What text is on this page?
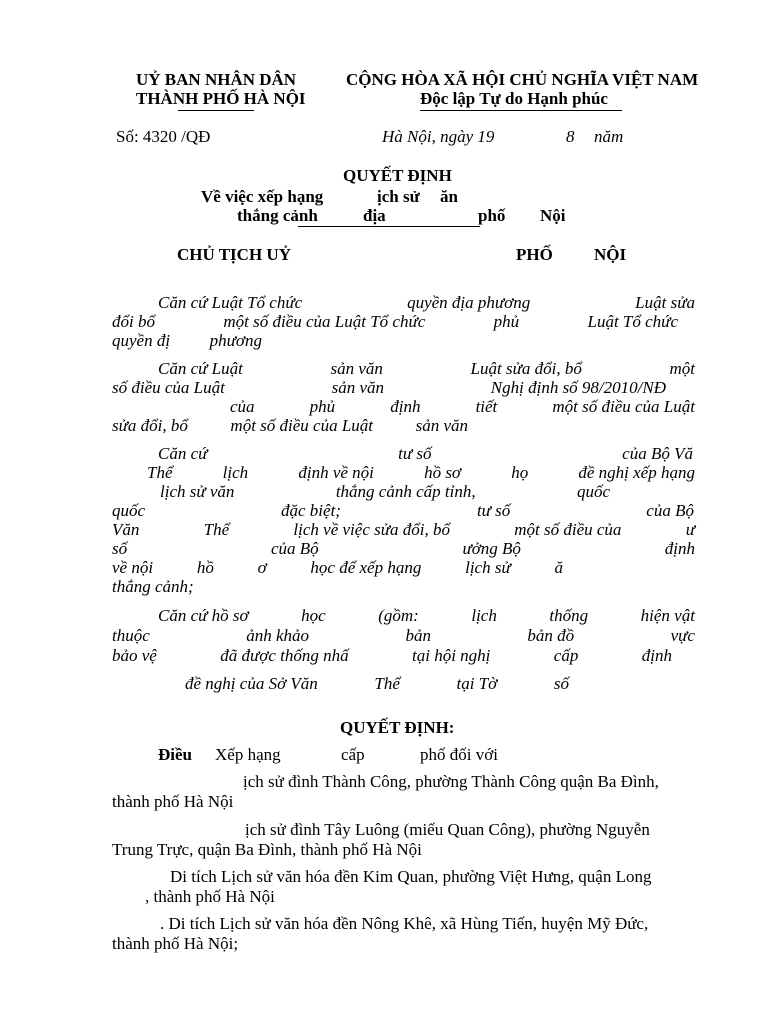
UỶ BAN NHÂN DÂN
THÀNH PHỐ HÀ NỘI
CỘNG HÒA XÃ HỘI CHỦ NGHĨA VIỆT NAM
Độc lập Tự do Hạnh phúc
Số: 4320 /QĐ	Hà Nội, ngày 19	8 năm
QUYẾT ĐỊNH
Về việc xếp hạng	ịch sử ăn
thắng cảnh	địa	phố Nội
CHỦ TỊCH UỶ	PHỐ NỘI
Căn cứ Luật Tổ chức	quyền địa phương	Luật sửa
đổi bổ	một số điều của Luật Tổ chức	phủ	Luật Tổ chức
quyền đị phương
Căn cứ Luật	sản văn	Luật sửa đổi, bổ	một
số điều của Luật	sản văn	Nghị định số 98/2010/NĐ
của	phủ	định	tiết	một số điều của Luật
sửa đổi, bổ	một số điều của Luật	sản văn
Căn cứ	tư số	của Bộ Vă
Thể	lịch	định về nội	hồ sơ	họ	đề nghị xếp hạng
lịch sử văn	thắng cảnh cấp tỉnh,	quốc
quốc	đặc biệt;	tư số	của Bộ
Văn	Thể	lịch về việc sửa đổi, bổ	một số điều của	ư
số	của Bộ	ưởng Bộ	định
về nội	hồ	ơ	học để xếp hạng	lịch sử	ă
thắng cảnh;
Căn cứ hồ sơ	học	(gồm:	lịch	thống	hiện vật
thuộc	ảnh khảo	bản	bản đồ	vực
bảo vệ	đã được thống nhấ	tại hội nghị	cấp	định
đề nghị của Sở Văn	Thể	tại Tờ	số
QUYẾT ĐỊNH:
Điều Xếp hạng	cấp	phố đối với
ịch sử đình Thành Công, phường Thành Công quận Ba Đình,
thành phố Hà Nội
ịch sử đình Tây Luông (miếu Quan Công), phường Nguyễn
Trung Trực, quận Ba Đình, thành phố Hà Nội
Di tích Lịch sử văn hóa đền Kim Quan, phường Việt Hưng, quận Long
, thành phố Hà Nội
. Di tích Lịch sử văn hóa đền Nông Khê, xã Hùng Tiến, huyện Mỹ Đức,
thành phố Hà Nội;
